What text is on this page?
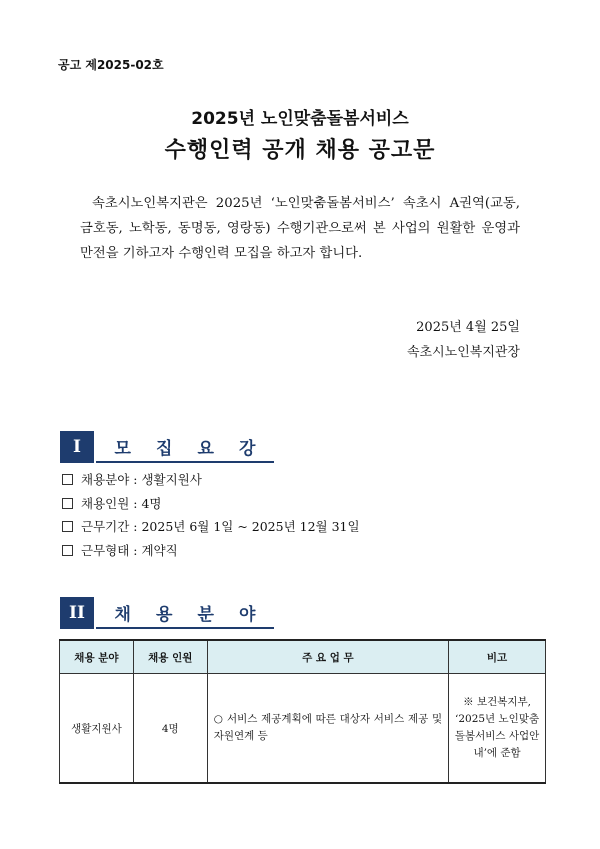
공고 제2025-02호
2025년 노인맞춤돌봄서비스
수행인력 공개 채용 공고문
속초시노인복지관은 2025년 ‘노인맞춤돌봄서비스’ 속초시 A권역(교동, 금호동, 노학동, 동명동, 영랑동) 수행기관으로써 본 사업의 원활한 운영과 만전을 기하고자 수행인력 모집을 하고자 합니다.
2025년 4월 25일
속초시노인복지관장
I	모 집 요 강
채용분야 : 생활지원사
채용인원 : 4명
근무기간 : 2025년 6월 1일 ~ 2025년 12월 31일
근무형태 : 계약직
II	채 용 분 야
채용 분야	채용 인원	주 요 업 무	비고
생활지원사	4명	○ 서비스 제공계획에 따른 대상자 서비스 제공 및 자원연계 등	※ 보건복지부, ‘2025년 노인맞춤돌봄서비스 사업안내’에 준함
